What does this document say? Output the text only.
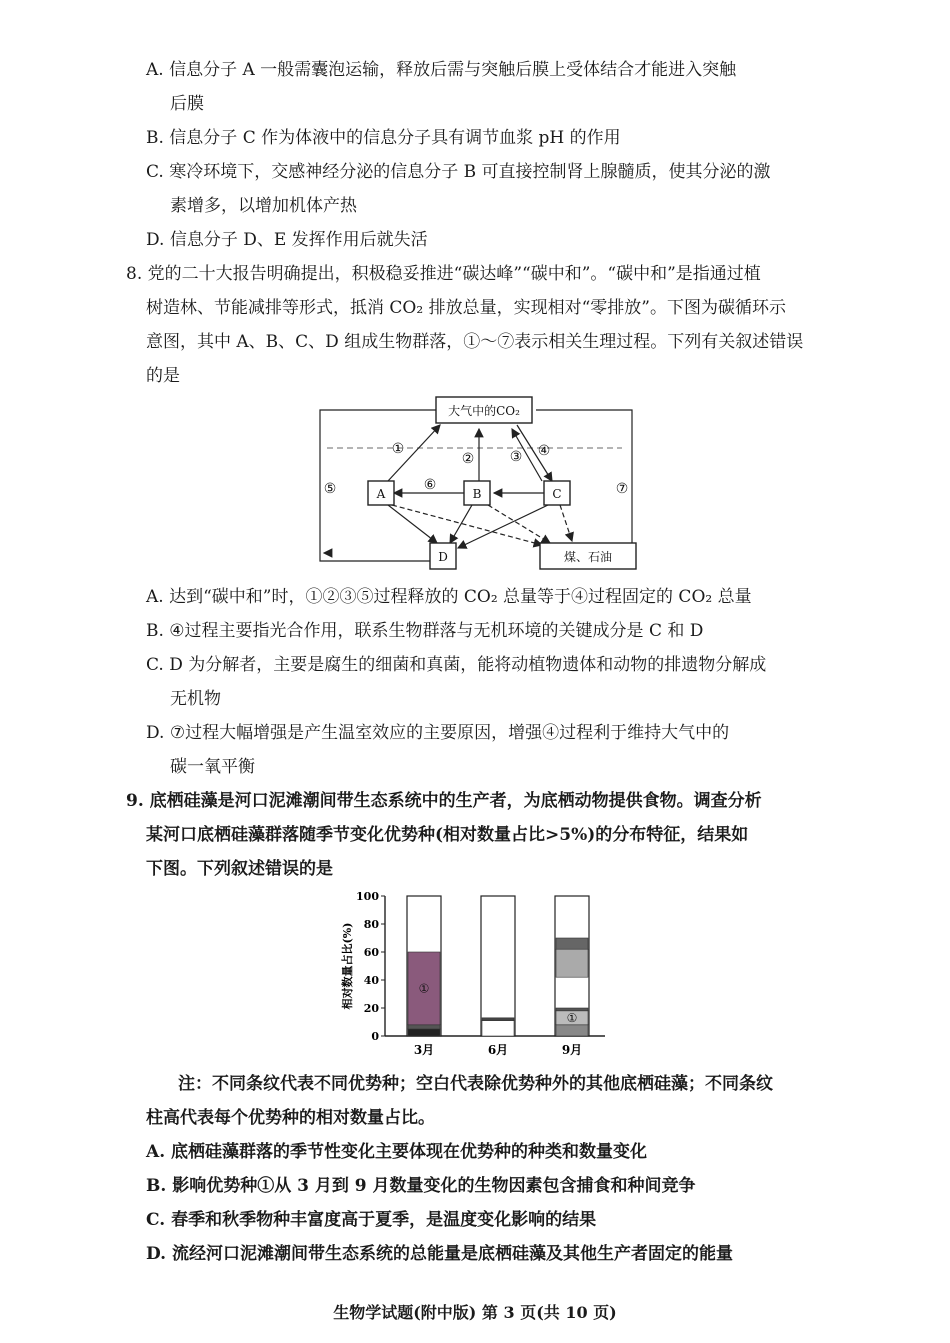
A. 信息分子 A 一般需囊泡运输，释放后需与突触后膜上受体结合才能进入突触
后膜
B. 信息分子 C 作为体液中的信息分子具有调节血浆 pH 的作用
C. 寒冷环境下，交感神经分泌的信息分子 B 可直接控制肾上腺髓质，使其分泌的激
素增多，以增加机体产热
D. 信息分子 D、E 发挥作用后就失活
8. 党的二十大报告明确提出，积极稳妥推进“碳达峰”“碳中和”。“碳中和”是指通过植
树造林、节能减排等形式，抵消 CO₂ 排放总量，实现相对“零排放”。下图为碳循环示
意图，其中 A、B、C、D 组成生物群落，①～⑦表示相关生理过程。下列有关叙述错误
的是
大气中的CO₂
A	B	C
D	煤、石油
①
②	③ ④
⑤	⑥	⑦
A. 达到“碳中和”时，①②③⑤过程释放的 CO₂ 总量等于④过程固定的 CO₂ 总量
B. ④过程主要指光合作用，联系生物群落与无机环境的关键成分是 C 和 D
C. D 为分解者，主要是腐生的细菌和真菌，能将动植物遗体和动物的排遗物分解成
无机物
D. ⑦过程大幅增强是产生温室效应的主要原因，增强④过程利于维持大气中的
碳一氧平衡
9. 底栖硅藻是河口泥滩潮间带生态系统中的生产者，为底栖动物提供食物。调查分析
某河口底栖硅藻群落随季节变化优势种(相对数量占比>5%)的分布特征，结果如
下图。下列叙述错误的是
0
20
40
60
80
100
相对数量占比(%)	①
3月	6月
①
9月
注：不同条纹代表不同优势种；空白代表除优势种外的其他底栖硅藻；不同条纹
柱高代表每个优势种的相对数量占比。
A. 底栖硅藻群落的季节性变化主要体现在优势种的种类和数量变化
B. 影响优势种①从 3 月到 9 月数量变化的生物因素包含捕食和种间竞争
C. 春季和秋季物种丰富度高于夏季，是温度变化影响的结果
D. 流经河口泥滩潮间带生态系统的总能量是底栖硅藻及其他生产者固定的能量
生物学试题(附中版) 第 3 页(共 10 页)
